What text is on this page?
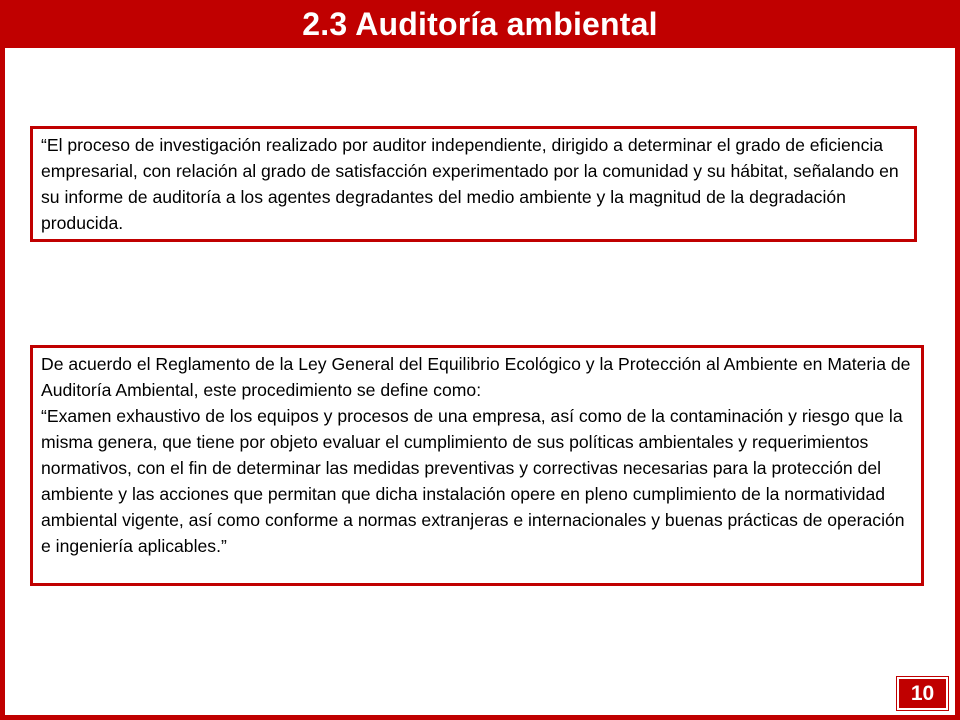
2.3 Auditoría ambiental

“El proceso de investigación realizado por auditor independiente, dirigido a determinar el grado de eficiencia empresarial, con relación al grado de satisfacción experimentado por la comunidad y su hábitat, señalando en su informe de auditoría a los agentes degradantes del medio ambiente y la magnitud de la degradación producida.

De acuerdo el Reglamento de la Ley General del Equilibrio Ecológico y la Protección al Ambiente en Materia de Auditoría Ambiental, este procedimiento se define como:

“Examen exhaustivo de los equipos y procesos de una empresa, así como de la contaminación y riesgo que la misma genera, que tiene por objeto evaluar el cumplimiento de sus políticas ambientales y requerimientos normativos, con el fin de determinar las medidas preventivas y correctivas necesarias para la protección del ambiente y las acciones que permitan que dicha instalación opere en pleno cumplimiento de la normatividad ambiental vigente, así como conforme a normas extranjeras e internacionales y buenas prácticas de operación e ingeniería aplicables.”

10
